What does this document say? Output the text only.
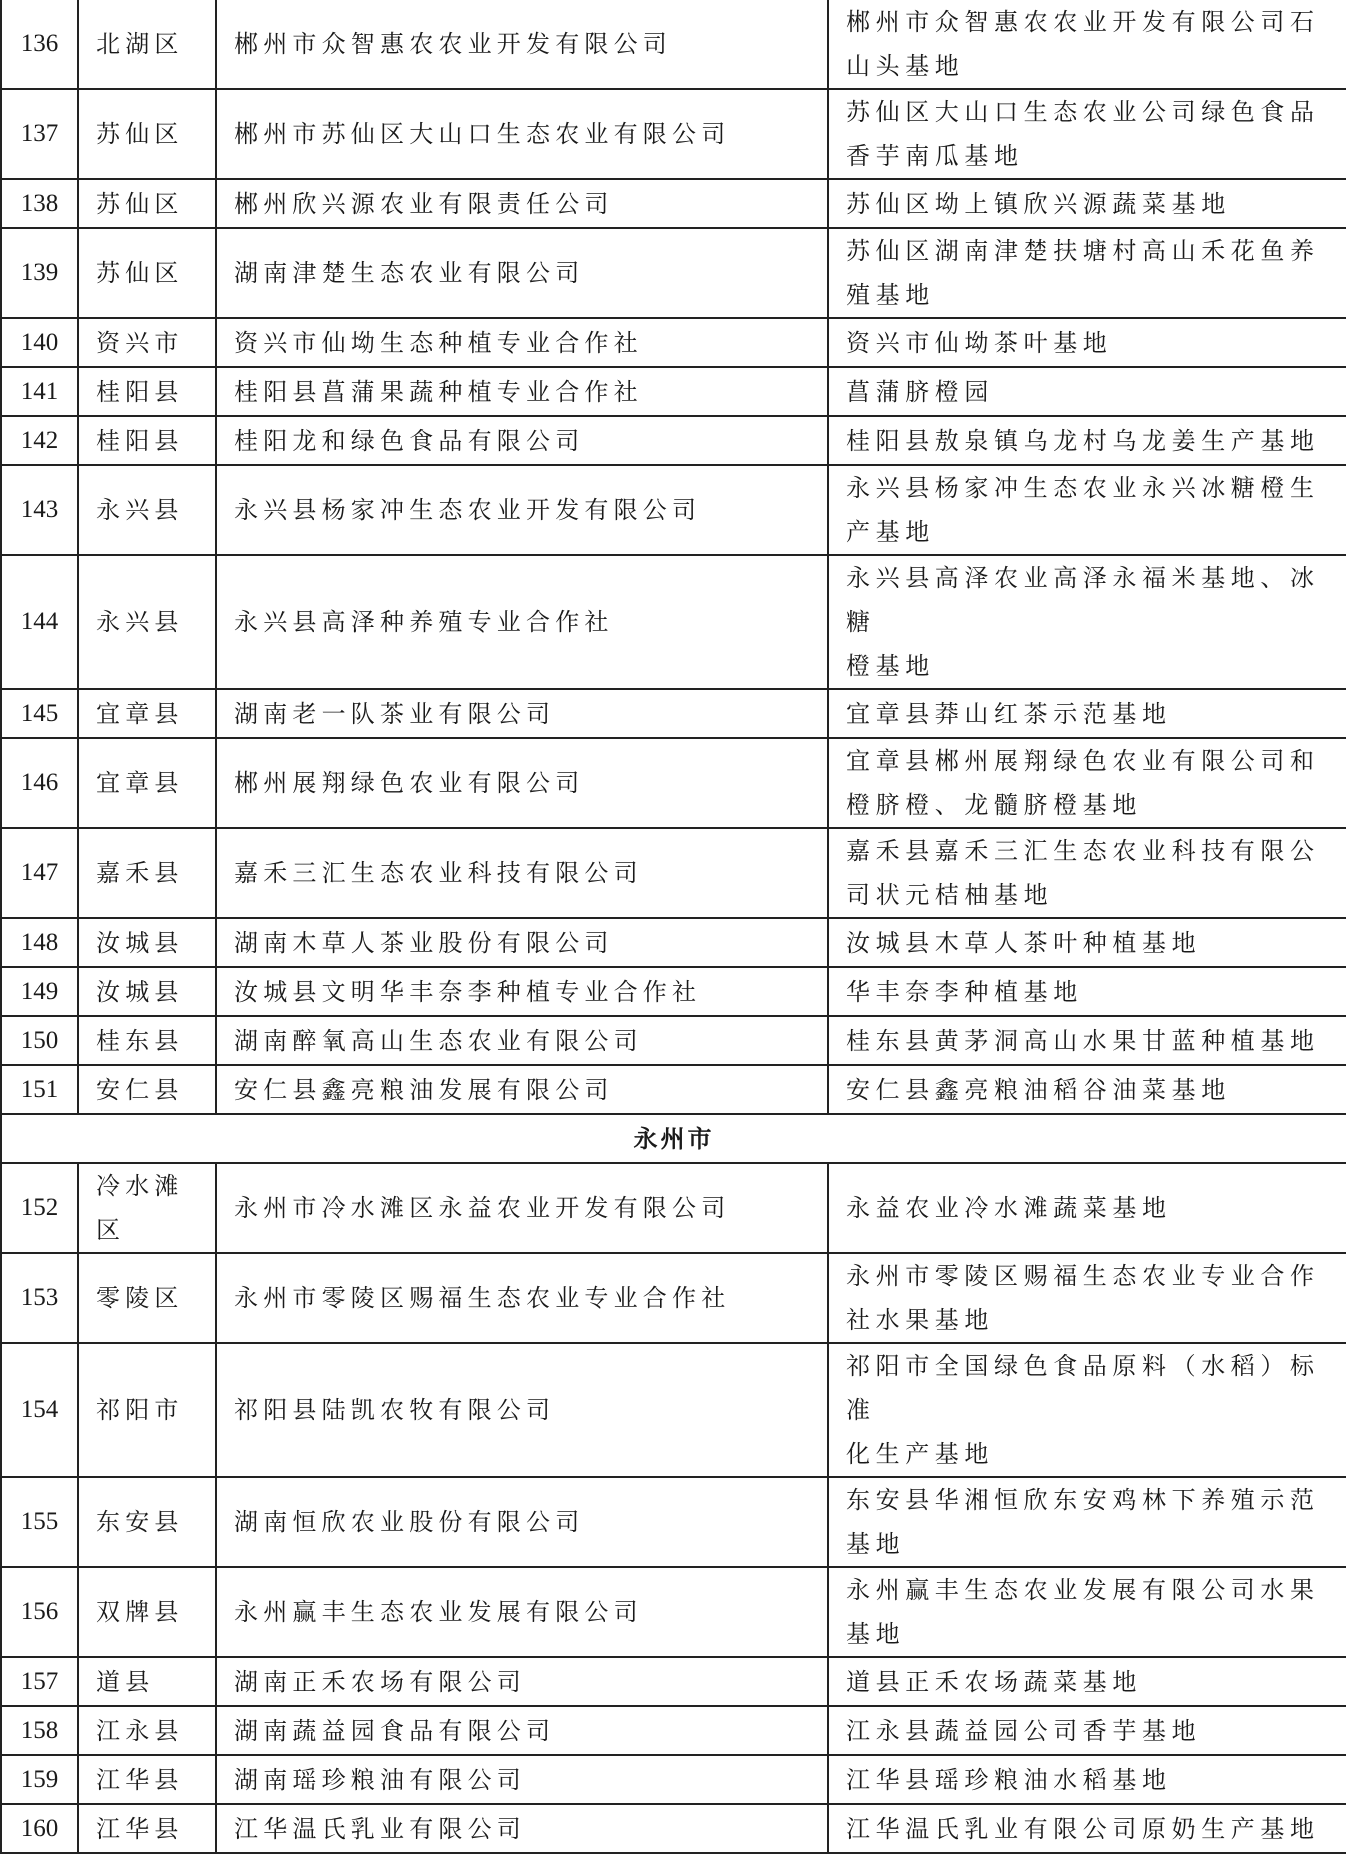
136	北湖区	郴州市众智惠农农业开发有限公司	郴州市众智惠农农业开发有限公司石
山头基地
137	苏仙区	郴州市苏仙区大山口生态农业有限公司	苏仙区大山口生态农业公司绿色食品
香芋南瓜基地
138	苏仙区	郴州欣兴源农业有限责任公司	苏仙区坳上镇欣兴源蔬菜基地
139	苏仙区	湖南津楚生态农业有限公司	苏仙区湖南津楚扶塘村高山禾花鱼养
殖基地
140	资兴市	资兴市仙坳生态种植专业合作社	资兴市仙坳茶叶基地
141	桂阳县	桂阳县菖蒲果蔬种植专业合作社	菖蒲脐橙园
142	桂阳县	桂阳龙和绿色食品有限公司	桂阳县敖泉镇乌龙村乌龙姜生产基地
143	永兴县	永兴县杨家冲生态农业开发有限公司	永兴县杨家冲生态农业永兴冰糖橙生
产基地
144	永兴县	永兴县高泽种养殖专业合作社	永兴县高泽农业高泽永福米基地、冰糖
橙基地
145	宜章县	湖南老一队茶业有限公司	宜章县莽山红茶示范基地
146	宜章县	郴州展翔绿色农业有限公司	宜章县郴州展翔绿色农业有限公司和
橙脐橙、龙髓脐橙基地
147	嘉禾县	嘉禾三汇生态农业科技有限公司	嘉禾县嘉禾三汇生态农业科技有限公
司状元桔柚基地
148	汝城县	湖南木草人茶业股份有限公司	汝城县木草人茶叶种植基地
149	汝城县	汝城县文明华丰奈李种植专业合作社	华丰奈李种植基地
150	桂东县	湖南醉氧高山生态农业有限公司	桂东县黄茅洞高山水果甘蓝种植基地
151	安仁县	安仁县鑫亮粮油发展有限公司	安仁县鑫亮粮油稻谷油菜基地
永州市			
152	冷水滩
区	永州市冷水滩区永益农业开发有限公司	永益农业冷水滩蔬菜基地
153	零陵区	永州市零陵区赐福生态农业专业合作社	永州市零陵区赐福生态农业专业合作
社水果基地
154	祁阳市	祁阳县陆凯农牧有限公司	祁阳市全国绿色食品原料（水稻）标准
化生产基地
155	东安县	湖南恒欣农业股份有限公司	东安县华湘恒欣东安鸡林下养殖示范
基地
156	双牌县	永州赢丰生态农业发展有限公司	永州赢丰生态农业发展有限公司水果
基地
157	道县	湖南正禾农场有限公司	道县正禾农场蔬菜基地
158	江永县	湖南蔬益园食品有限公司	江永县蔬益园公司香芋基地
159	江华县	湖南瑶珍粮油有限公司	江华县瑶珍粮油水稻基地
160	江华县	江华温氏乳业有限公司	江华温氏乳业有限公司原奶生产基地
